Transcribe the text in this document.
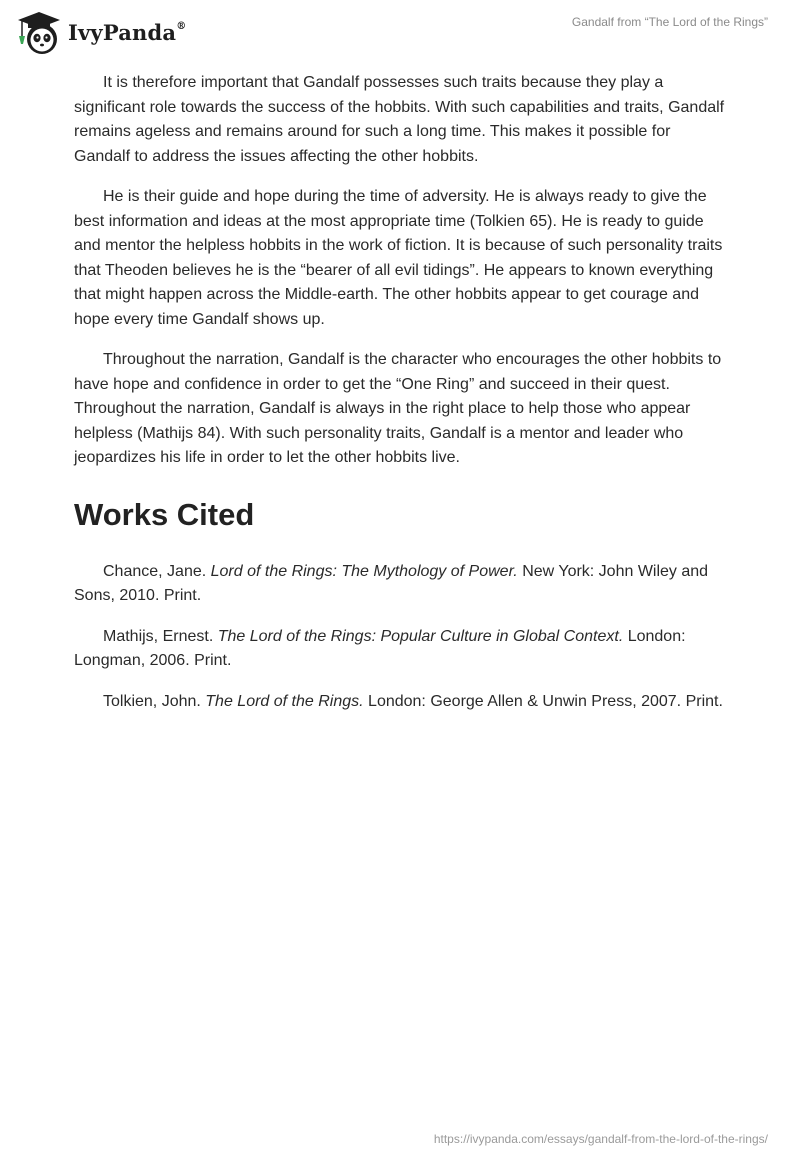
IvyPanda®	Gandalf from “The Lord of the Rings”

It is therefore important that Gandalf possesses such traits because they play a significant role towards the success of the hobbits. With such capabilities and traits, Gandalf remains ageless and remains around for such a long time. This makes it possible for Gandalf to address the issues affecting the other hobbits.

He is their guide and hope during the time of adversity. He is always ready to give the best information and ideas at the most appropriate time (Tolkien 65). He is ready to guide and mentor the helpless hobbits in the work of fiction. It is because of such personality traits that Theoden believes he is the “bearer of all evil tidings”. He appears to known everything that might happen across the Middle-earth. The other hobbits appear to get courage and hope every time Gandalf shows up.

Throughout the narration, Gandalf is the character who encourages the other hobbits to have hope and confidence in order to get the “One Ring” and succeed in their quest. Throughout the narration, Gandalf is always in the right place to help those who appear helpless (Mathijs 84). With such personality traits, Gandalf is a mentor and leader who jeopardizes his life in order to let the other hobbits live.

Works Cited

Chance, Jane. Lord of the Rings: The Mythology of Power. New York: John Wiley and Sons, 2010. Print.

Mathijs, Ernest. The Lord of the Rings: Popular Culture in Global Context. London: Longman, 2006. Print.

Tolkien, John. The Lord of the Rings. London: George Allen & Unwin Press, 2007. Print.

https://ivypanda.com/essays/gandalf-from-the-lord-of-the-rings/
